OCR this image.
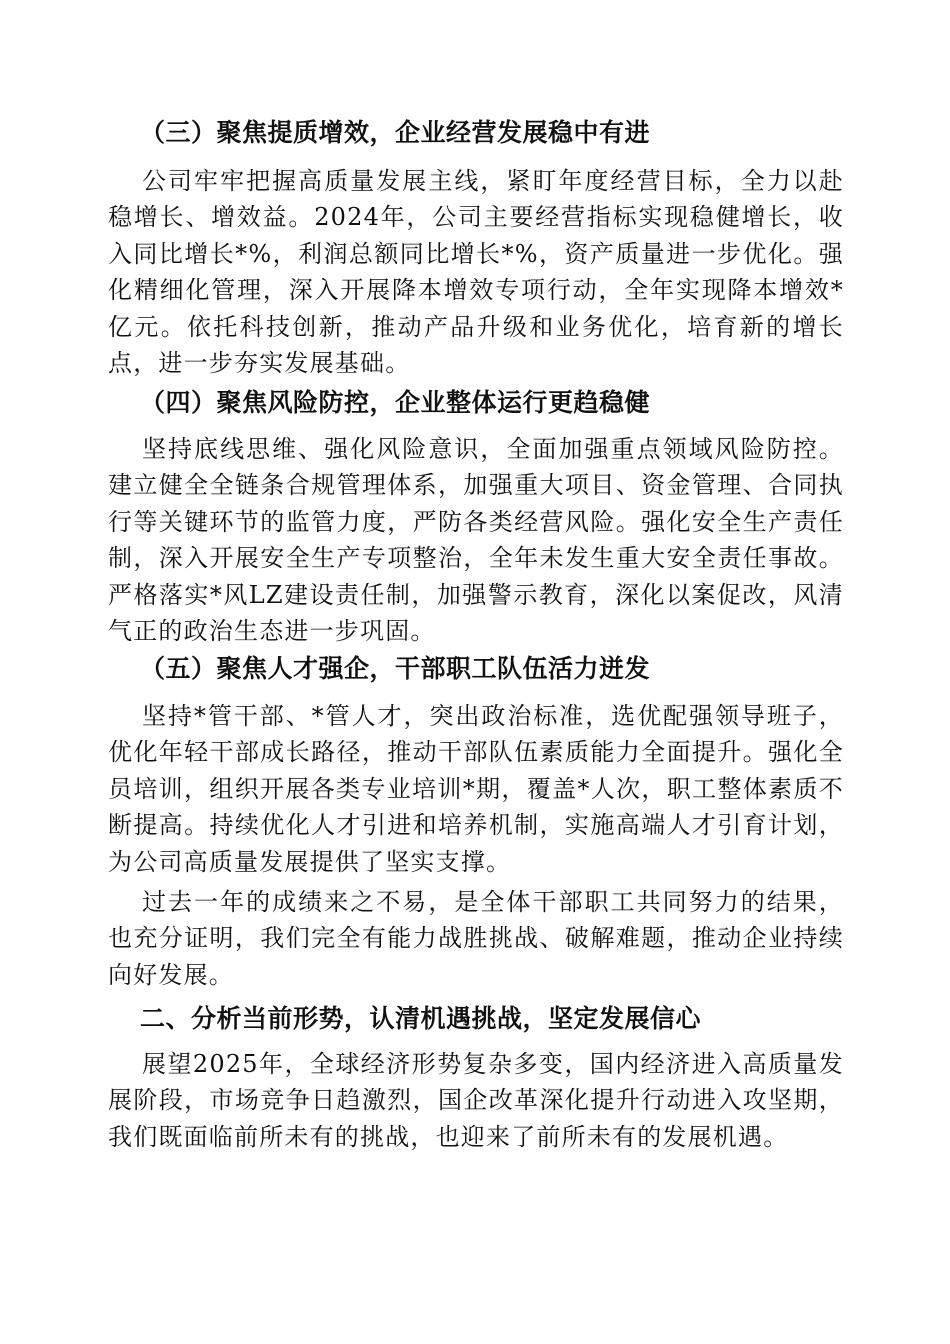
（三）聚焦提质增效，企业经营发展稳中有进
公司牢牢把握高质量发展主线，紧盯年度经营目标，全力以赴稳增长、增效益。2024年，公司主要经营指标实现稳健增长，收入同比增长*%，利润总额同比增长*%，资产质量进一步优化。强化精细化管理，深入开展降本增效专项行动，全年实现降本增效*亿元。依托科技创新，推动产品升级和业务优化，培育新的增长点，进一步夯实发展基础。
（四）聚焦风险防控，企业整体运行更趋稳健
坚持底线思维、强化风险意识，全面加强重点领域风险防控。建立健全全链条合规管理体系，加强重大项目、资金管理、合同执行等关键环节的监管力度，严防各类经营风险。强化安全生产责任制，深入开展安全生产专项整治，全年未发生重大安全责任事故。严格落实*风LZ建设责任制，加强警示教育，深化以案促改，风清气正的政治生态进一步巩固。
（五）聚焦人才强企，干部职工队伍活力迸发
坚持*管干部、*管人才，突出政治标准，选优配强领导班子，优化年轻干部成长路径，推动干部队伍素质能力全面提升。强化全员培训，组织开展各类专业培训*期，覆盖*人次，职工整体素质不断提高。持续优化人才引进和培养机制，实施高端人才引育计划，为公司高质量发展提供了坚实支撑。
过去一年的成绩来之不易，是全体干部职工共同努力的结果，也充分证明，我们完全有能力战胜挑战、破解难题，推动企业持续向好发展。
二、分析当前形势，认清机遇挑战，坚定发展信心
展望2025年，全球经济形势复杂多变，国内经济进入高质量发展阶段，市场竞争日趋激烈，国企改革深化提升行动进入攻坚期，我们既面临前所未有的挑战，也迎来了前所未有的发展机遇。
